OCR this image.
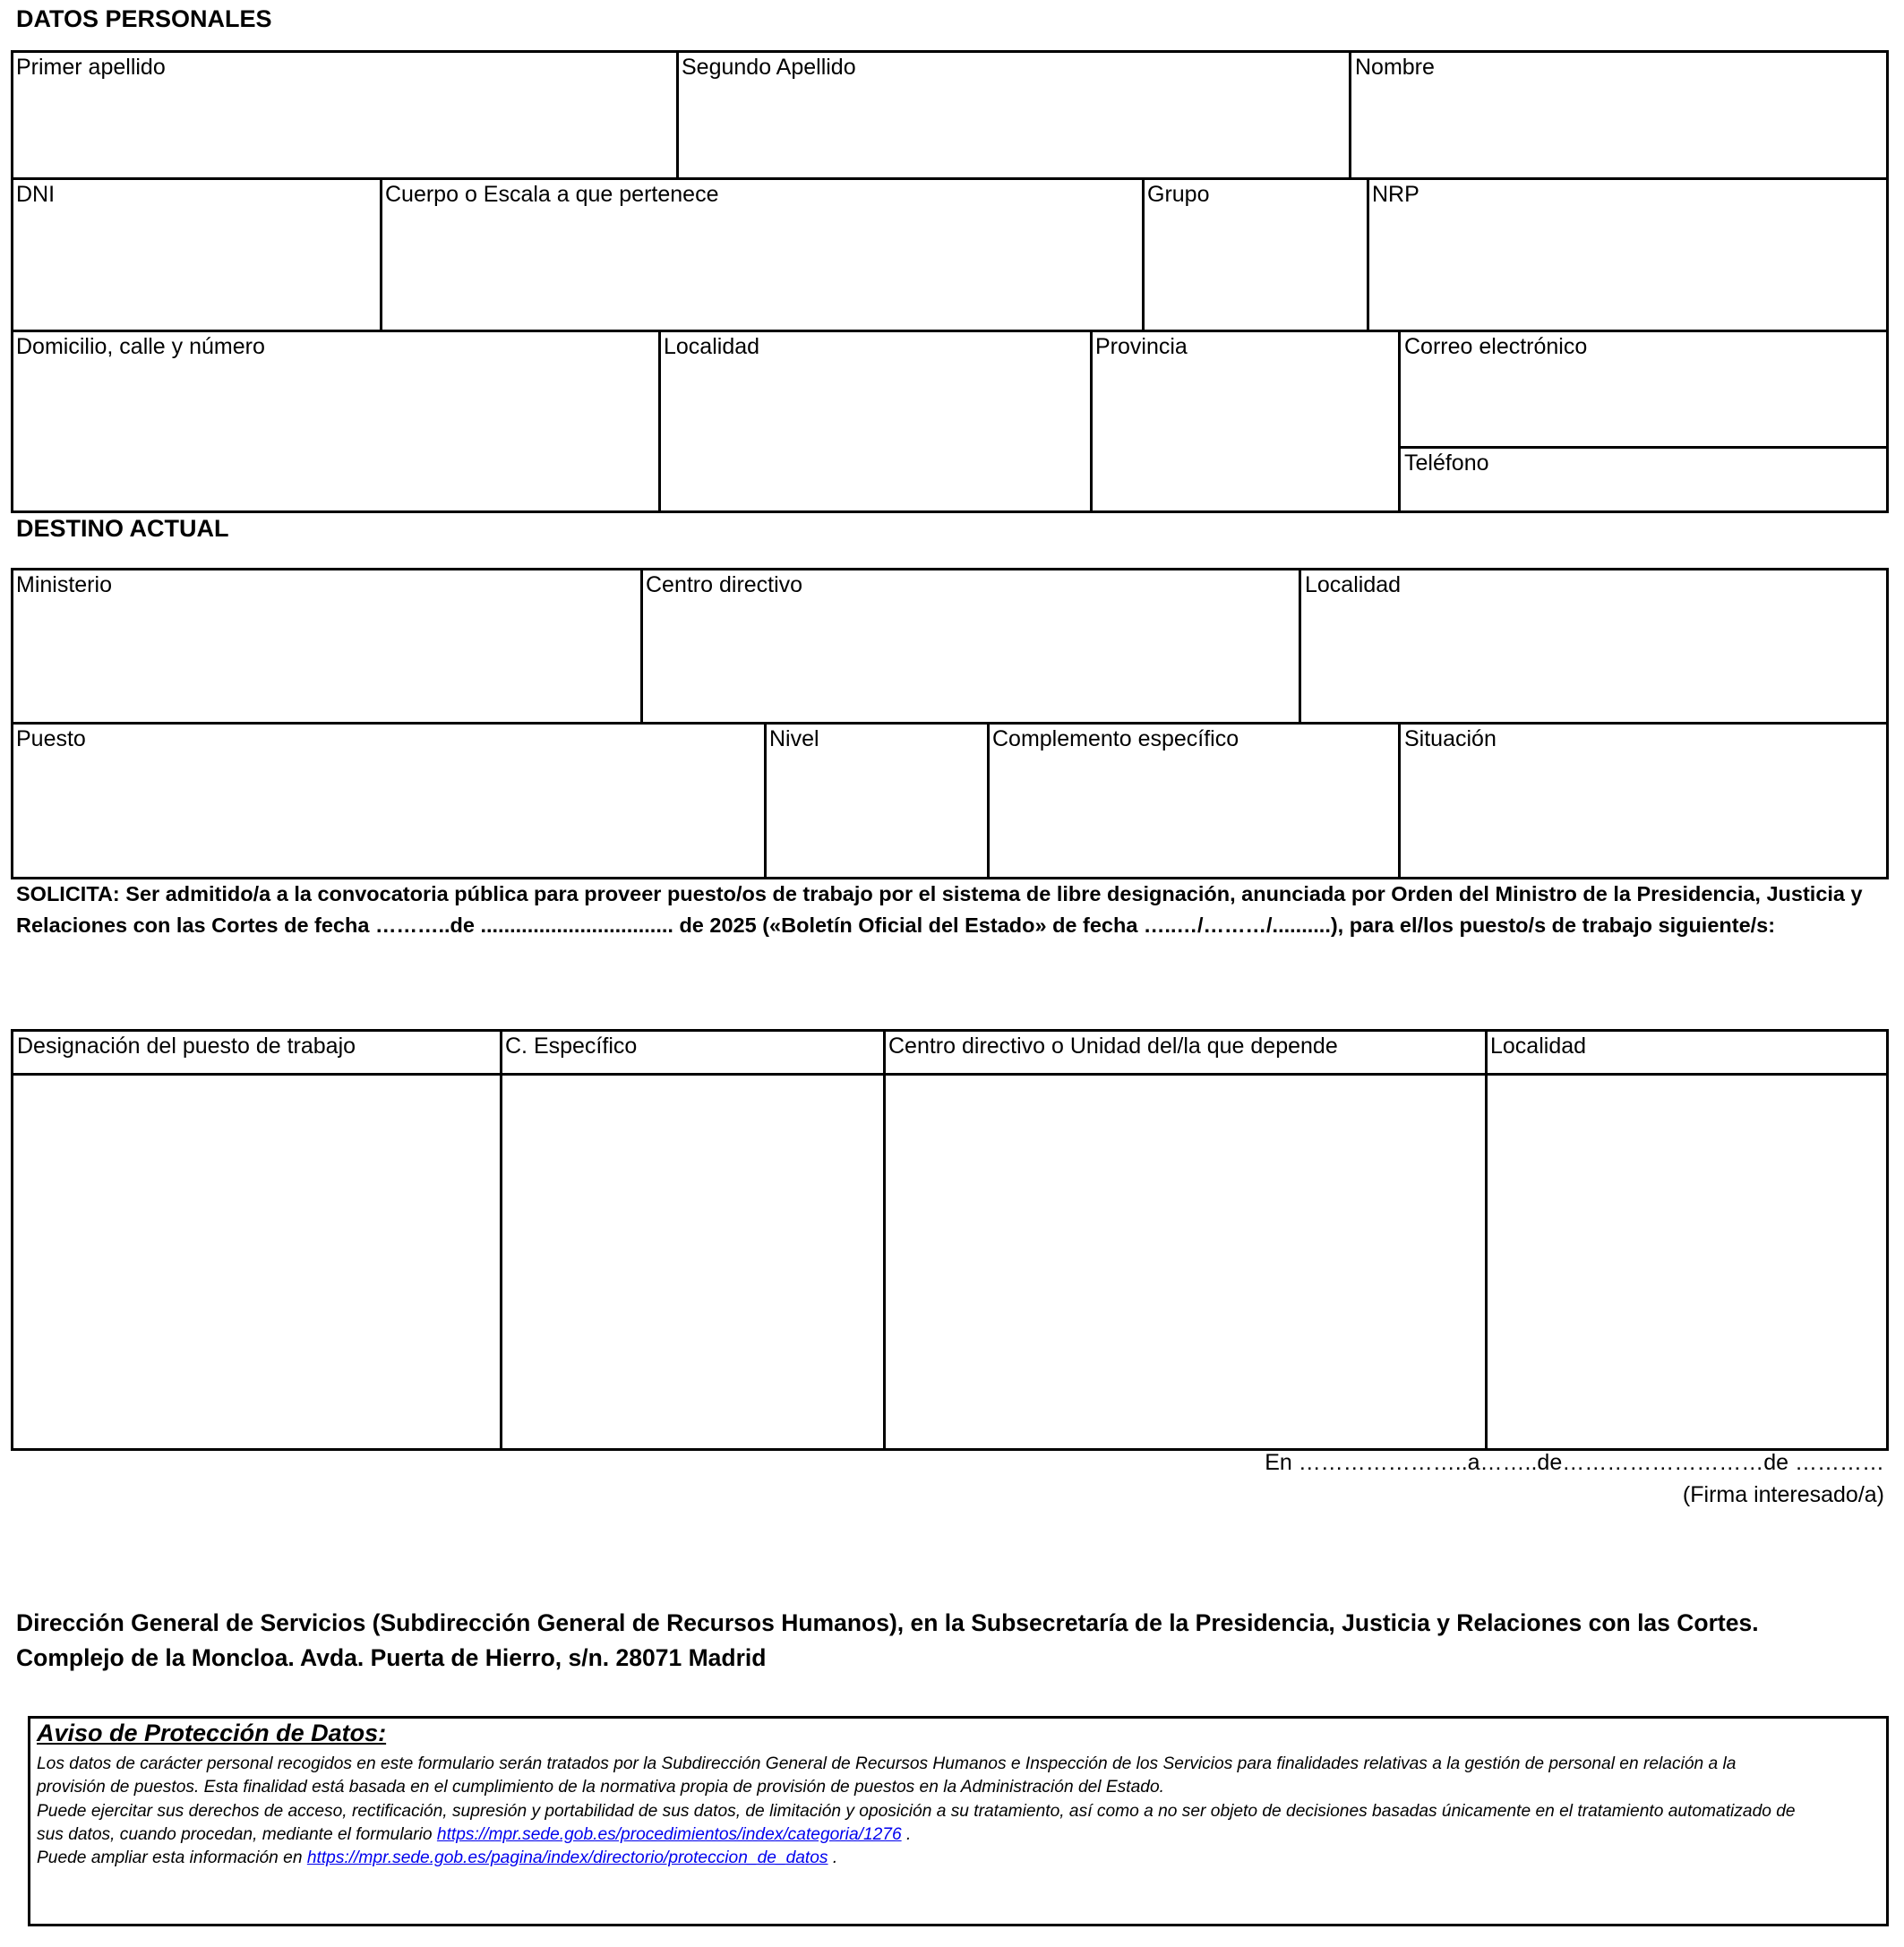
DATOS PERSONALES
Primer apellido	Segundo Apellido	Nombre
DNI	Cuerpo o Escala a que pertenece	Grupo	NRP
Domicilio, calle y número	Localidad	Provincia	Correo electrónico
Teléfono
DESTINO ACTUAL
Ministerio	Centro directivo	Localidad
Puesto	Nivel	Complemento específico	Situación
SOLICITA: Ser admitido/a a la convocatoria pública para proveer puesto/os de trabajo por el sistema de libre designación, anunciada por Orden del Ministro de la Presidencia, Justicia y Relaciones con las Cortes de fecha ………..de ................................. de 2025 («Boletín Oficial del Estado» de fecha …..…/………/..........), para el/los puesto/s de trabajo siguiente/s:
Designación del puesto de trabajo	C. Específico	Centro directivo o Unidad del/la que depende	Localidad
En …………………..a……..de………………………de …………
(Firma interesado/a)
Dirección General de Servicios (Subdirección General de Recursos Humanos), en la Subsecretaría de la Presidencia, Justicia y Relaciones con las Cortes.
Complejo de la Moncloa. Avda. Puerta de Hierro, s/n. 28071 Madrid
Aviso de Protección de Datos:
Los datos de carácter personal recogidos en este formulario serán tratados por la Subdirección General de Recursos Humanos e Inspección de los Servicios para finalidades relativas a la gestión de personal en relación a la
provisión de puestos. Esta finalidad está basada en el cumplimiento de la normativa propia de provisión de puestos en la Administración del Estado.
Puede ejercitar sus derechos de acceso, rectificación, supresión y portabilidad de sus datos, de limitación y oposición a su tratamiento, así como a no ser objeto de decisiones basadas únicamente en el tratamiento automatizado de
sus datos, cuando procedan, mediante el formulario https://mpr.sede.gob.es/procedimientos/index/categoria/1276 .
Puede ampliar esta información en https://mpr.sede.gob.es/pagina/index/directorio/proteccion_de_datos .
